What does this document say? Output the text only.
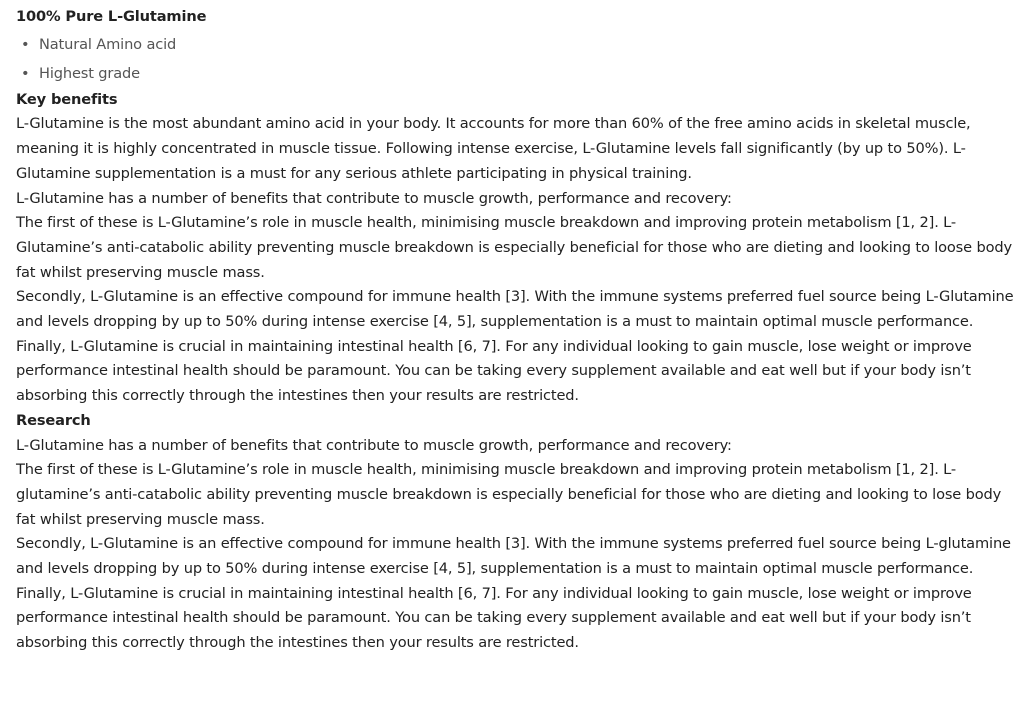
100% Pure L-Glutamine
• Natural Amino acid
• Highest grade
Key benefits

L-Glutamine is the most abundant amino acid in your body. It accounts for more than 60% of the free amino acids in skeletal muscle, meaning it is highly concentrated in muscle tissue. Following intense exercise, L-Glutamine levels fall significantly (by up to 50%). L-Glutamine supplementation is a must for any serious athlete participating in physical training.

L-Glutamine has a number of benefits that contribute to muscle growth, performance and recovery:

The first of these is L-Glutamine’s role in muscle health, minimising muscle breakdown and improving protein metabolism [1, 2]. L-Glutamine’s anti-catabolic ability preventing muscle breakdown is especially beneficial for those who are dieting and looking to loose body fat whilst preserving muscle mass.

Secondly, L-Glutamine is an effective compound for immune health [3]. With the immune systems preferred fuel source being L-Glutamine and levels dropping by up to 50% during intense exercise [4, 5], supplementation is a must to maintain optimal muscle performance.

Finally, L-Glutamine is crucial in maintaining intestinal health [6, 7]. For any individual looking to gain muscle, lose weight or improve performance intestinal health should be paramount. You can be taking every supplement available and eat well but if your body isn’t absorbing this correctly through the intestines then your results are restricted.

Research

L-Glutamine has a number of benefits that contribute to muscle growth, performance and recovery:

The first of these is L-Glutamine’s role in muscle health, minimising muscle breakdown and improving protein metabolism [1, 2]. L-glutamine’s anti-catabolic ability preventing muscle breakdown is especially beneficial for those who are dieting and looking to lose body fat whilst preserving muscle mass.

Secondly, L-Glutamine is an effective compound for immune health [3]. With the immune systems preferred fuel source being L-glutamine and levels dropping by up to 50% during intense exercise [4, 5], supplementation is a must to maintain optimal muscle performance.

Finally, L-Glutamine is crucial in maintaining intestinal health [6, 7]. For any individual looking to gain muscle, lose weight or improve performance intestinal health should be paramount. You can be taking every supplement available and eat well but if your body isn’t absorbing this correctly through the intestines then your results are restricted.
